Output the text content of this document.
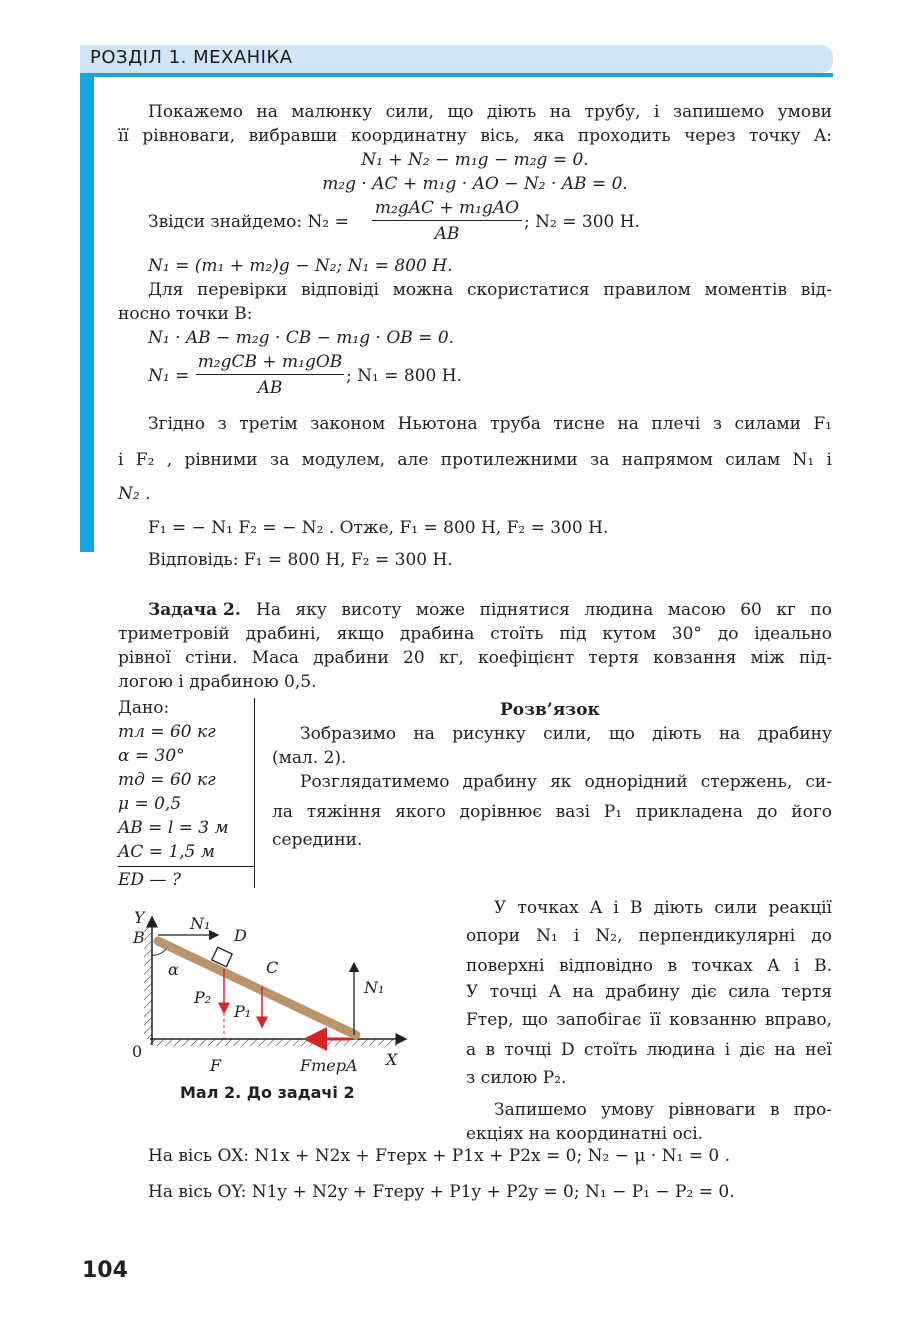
РОЗДІЛ 1. МЕХАНІКА
Покажемо на малюнку сили, що діють на трубу, і запишемо умови
її рівноваги, вибравши координатну вісь, яка проходить через точку A:
N₁ + N₂ − m₁g − m₂g = 0.
m₂g · AC + m₁g · AO − N₂ · AB = 0.
Звідси знайдемо: N₂ =
m₂gAC + m₁gAO
AB
; N₂ = 300 Н.
N₁ = (m₁ + m₂)g − N₂; N₁ = 800 Н.
Для перевірки відповіді можна скористатися правилом моментів від-
носно точки B:
N₁ · AB − m₂g · CB − m₁g · OB = 0.
N₁ =
m₂gCB + m₁gOB
AB
; N₁ = 800 Н.
Згідно з третім законом Ньютона труба тисне на плечі з силами F₁
і F₂ , рівними за модулем, але протилежними за напрямом силам N₁ і
N₂ .
F₁ = − N₁ F₂ = − N₂ . Отже, F₁ = 800 Н, F₂ = 300 Н.
Відповідь: F₁ = 800 Н, F₂ = 300 Н.
Задача 2. На яку висоту може піднятися людина масою 60 кг по
триметровій драбині, якщо драбина стоїть під кутом 30° до ідеально
рівної стіни. Маса драбини 20 кг, коефіцієнт тертя ковзання між під-
логою і драбиною 0,5.
Дано:
mл = 60 кг
α = 30°
mд = 60 кг
μ = 0,5
AB = l = 3 м
AC = 1,5 м
ED — ?
Розв’язок
Зобразимо на рисунку сили, що діють на драбину
(мал. 2).
Розглядатимемо драбину як однорідний стержень, си-
ла тяжіння якого дорівнює вазі P₁ прикладена до його
середини.
Y
B
N₁
D
α	C
P₂
P₁
N₁
0
F	Fтер A X
Мал 2. До задачі 2
У точках A і B діють сили реакції
опори N₁ і N₂, перпендикулярні до
поверхні відповідно в точках A і B.
У точці A на драбину діє сила тертя
Fтер, що запобігає її ковзанню вправо,
а в точці D стоїть людина і діє на неї
з силою P₂.
Запишемо умову рівноваги в про-
екціях на координатні осі.
На вісь OX: N1x + N2x + Fтерx + P1x + P2x = 0; N₂ − μ · N₁ = 0 .
На вісь OY: N1y + N2y + Fтерy + P1y + P2y = 0; N₁ − P₁ − P₂ = 0.
104
